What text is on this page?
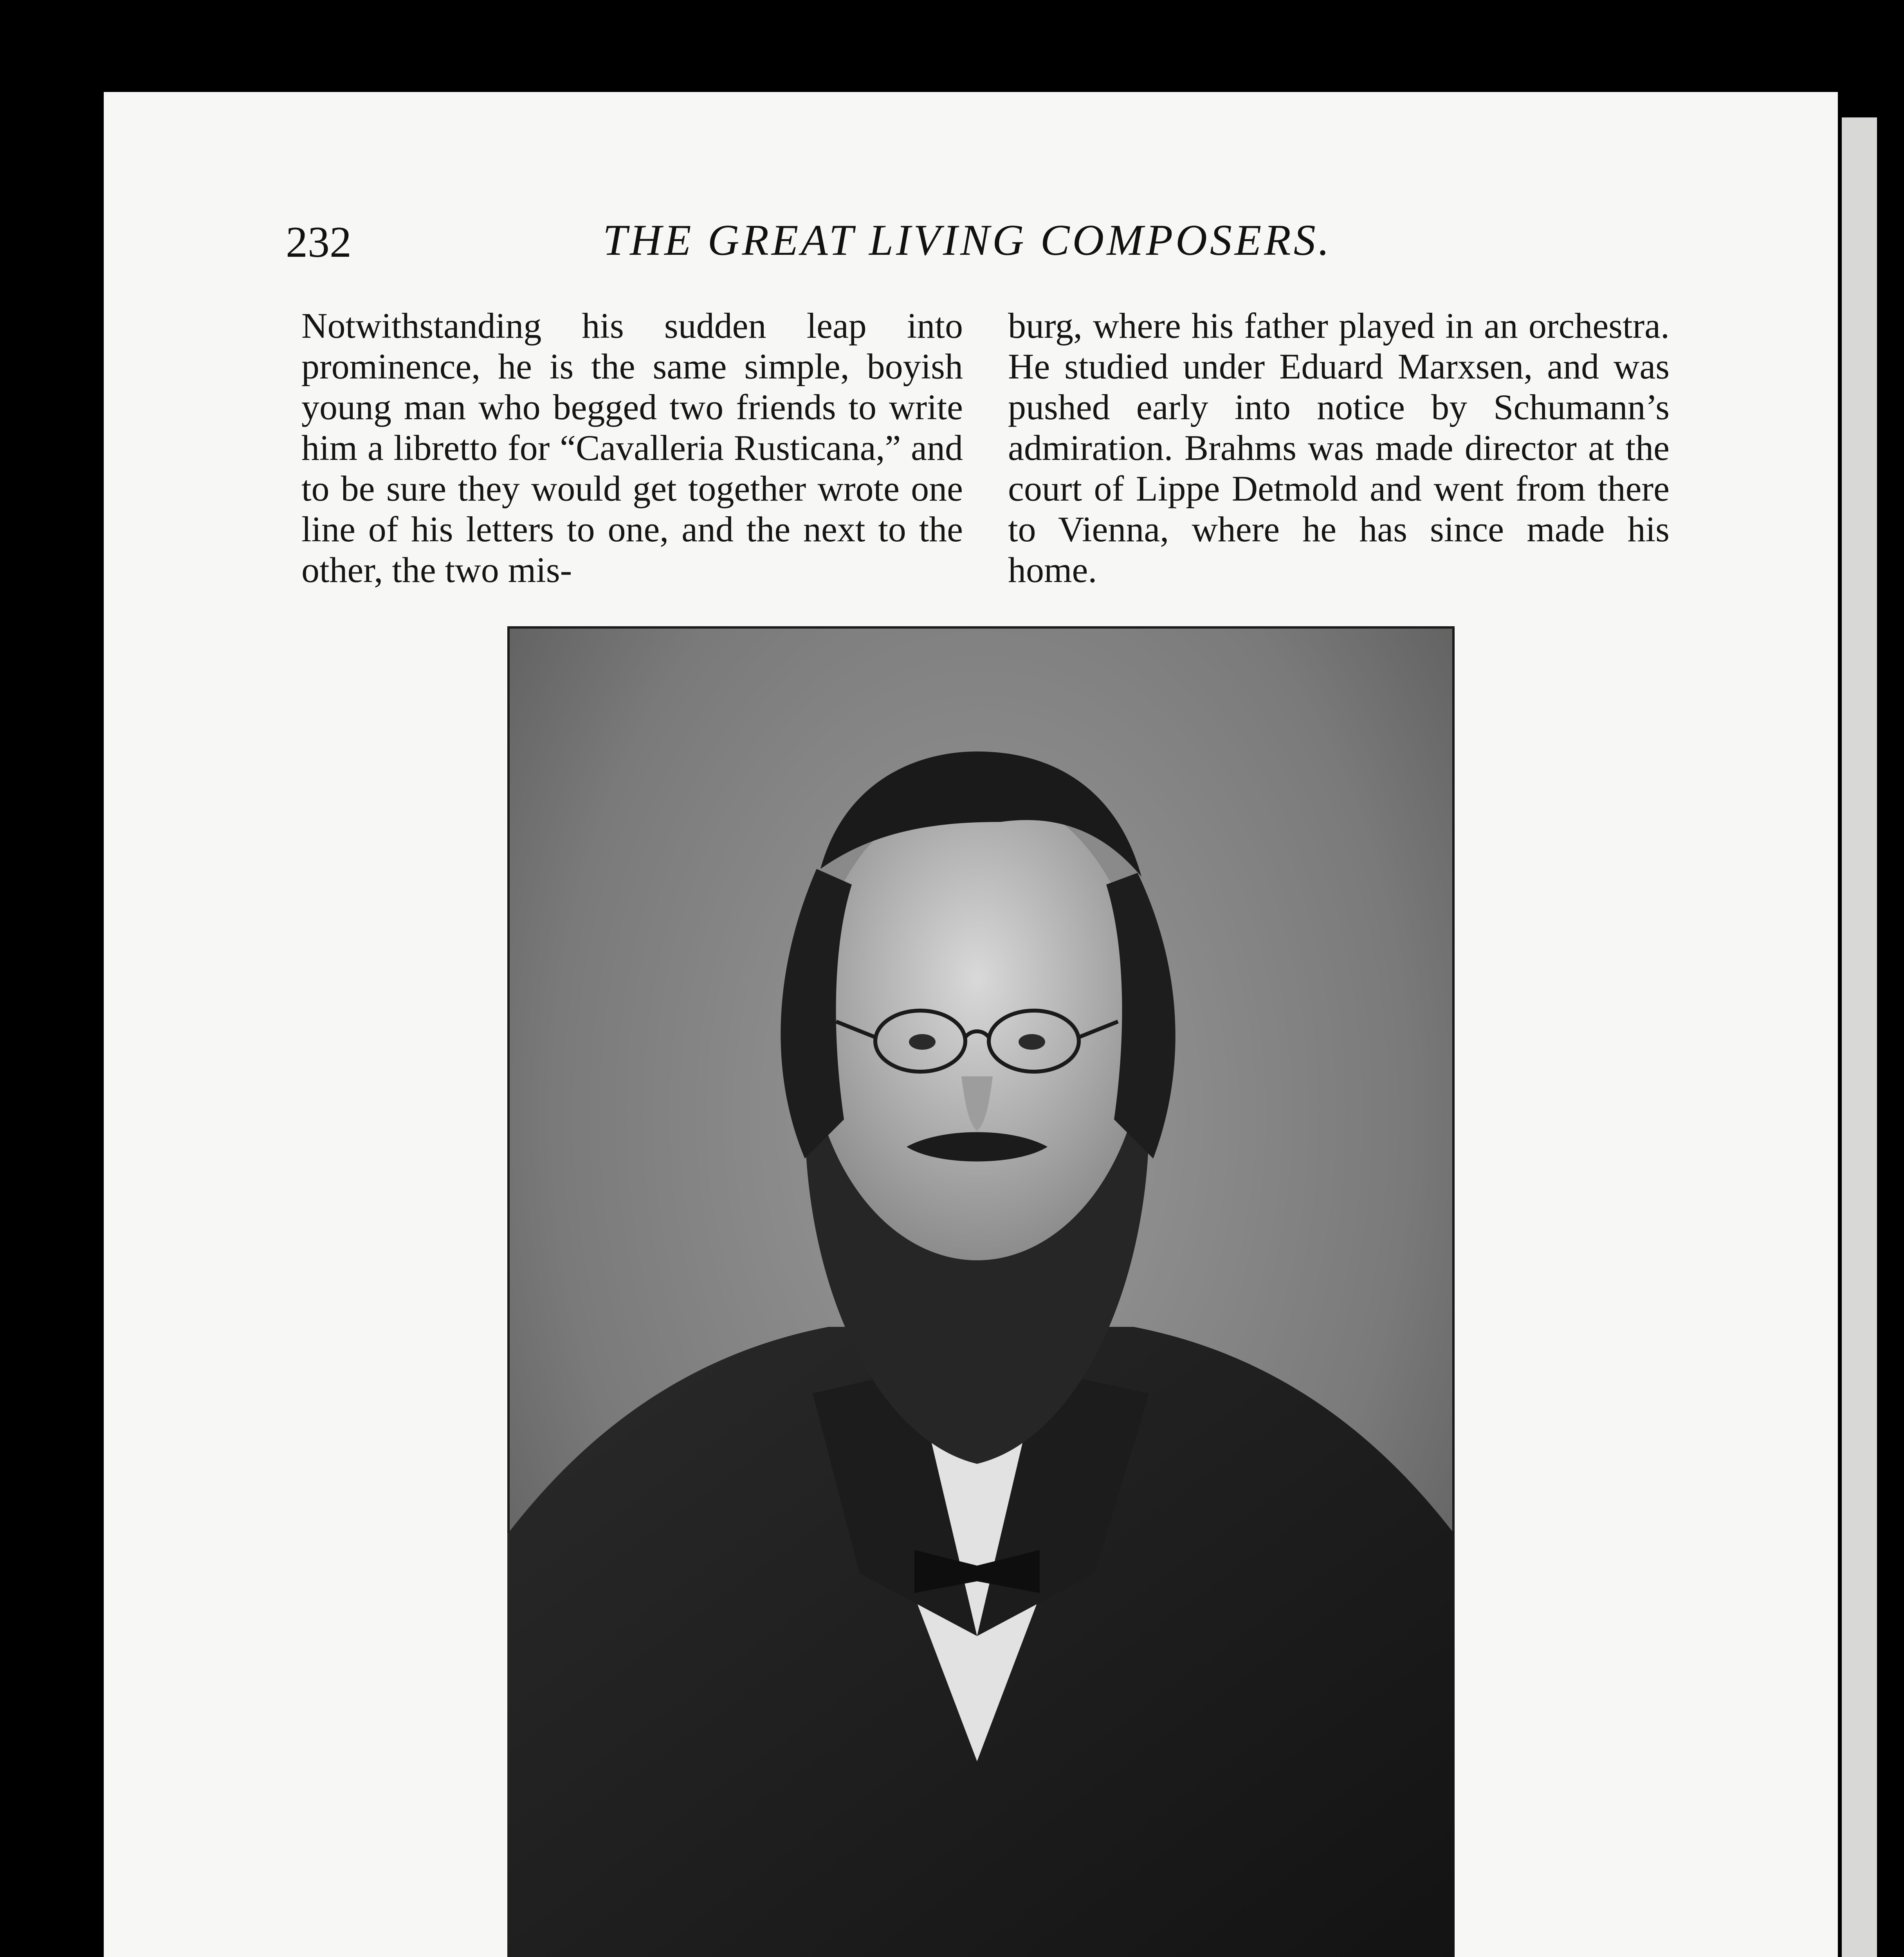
232	THE GREAT LIVING COMPOSERS.

Notwithstanding his sudden leap into prominence, he is the same simple, boyish young man who begged two friends to write him a libretto for “Cavalleria Rusticana,” and to be sure they would get together wrote one line of his letters to one, and the next to the other, the two mis-

burg, where his father played in an orchestra. He studied under Eduard Marxsen, and was pushed early into notice by Schumann’s admiration. Brahms was made director at the court of Lippe Detmold and went from there to Vienna, where he has since made his home.
